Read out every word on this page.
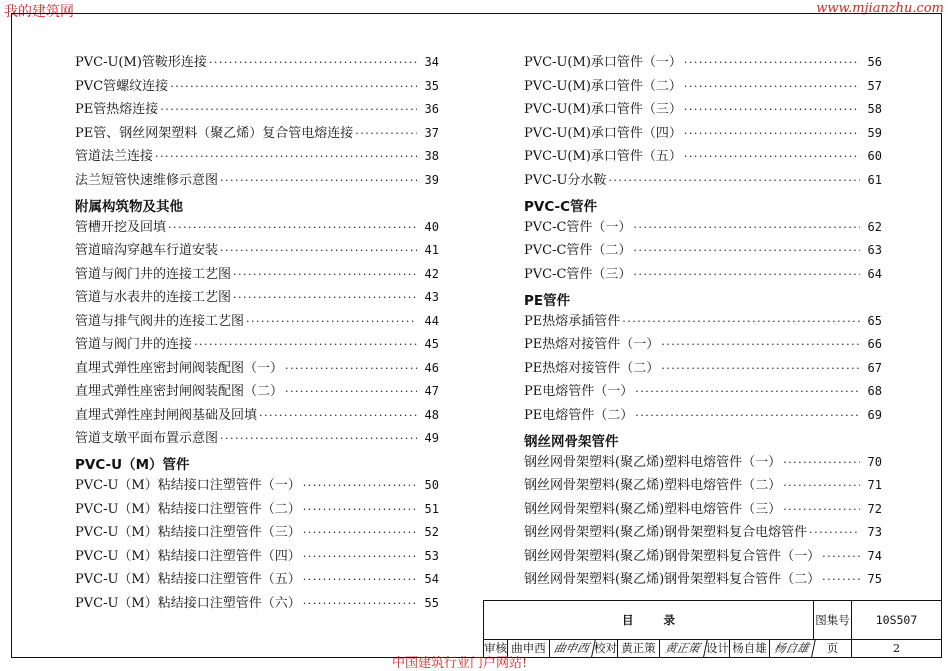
我的建筑网	www.mjianzhu.com
PVC-U(M)管鞍形连接 .....	34
PVC管螺纹连接 .....	35
PE管热熔连接 .....	36
PE管、钢丝网架塑料（聚乙烯）复合管电熔连接 .....	37
管道法兰连接 .....	38
法兰短管快速维修示意图 .....	39
附属构筑物及其他
管槽开挖及回填 .....	40
管道暗沟穿越车行道安装 .....	41
管道与阀门井的连接工艺图 .....	42
管道与水表井的连接工艺图 .....	43
管道与排气阀井的连接工艺图 .....	44
管道与阀门井的连接 .....	45
直埋式弹性座密封闸阀装配图（一） .....	46
直埋式弹性座密封闸阀装配图（二） .....	47
直埋式弹性座封闸阀基础及回填 .....	48
管道支墩平面布置示意图 .....	49
PVC-U（M）管件
PVC-U（M）粘结接口注塑管件（一） .....	50
PVC-U（M）粘结接口注塑管件（二） .....	51
PVC-U（M）粘结接口注塑管件（三） .....	52
PVC-U（M）粘结接口注塑管件（四） .....	53
PVC-U（M）粘结接口注塑管件（五） .....	54
PVC-U（M）粘结接口注塑管件（六） .....	55
PVC-U(M)承口管件（一） .....	56
PVC-U(M)承口管件（二） .....	57
PVC-U(M)承口管件（三） .....	58
PVC-U(M)承口管件（四） .....	59
PVC-U(M)承口管件（五） .....	60
PVC-U分水鞍 .....	61
PVC-C管件
PVC-C管件（一） .....	62
PVC-C管件（二） .....	63
PVC-C管件（三） .....	64
PE管件
PE热熔承插管件 .....	65
PE热熔对接管件（一） .....	66
PE热熔对接管件（二） .....	67
PE电熔管件（一） .....	68
PE电熔管件（二） .....	69
钢丝网骨架管件
钢丝网骨架塑料(聚乙烯)塑料电熔管件（一） .....	70
钢丝网骨架塑料(聚乙烯)塑料电熔管件（二） .....	71
钢丝网骨架塑料(聚乙烯)塑料电熔管件（三） .....	72
钢丝网骨架塑料(聚乙烯)钢骨架塑料复合电熔管件 .....	73
钢丝网骨架塑料(聚乙烯)钢骨架塑料复合管件（一） .....	74
钢丝网骨架塑料(聚乙烯)钢骨架塑料复合管件（二） .....	75
目录	图集号	10S507
审核 曲申西 曲申西 校对 黄正策 黄正策 设计 杨自雄 杨自雄	页	2
中国建筑行业门户网站!
